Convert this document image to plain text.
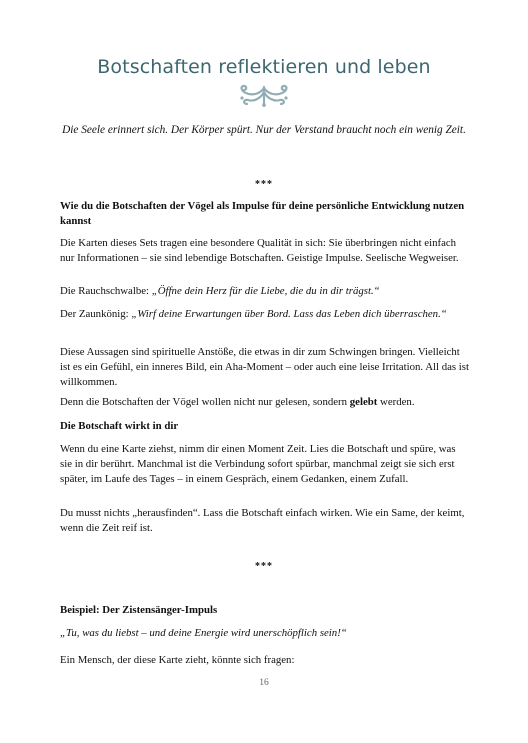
Botschaften reflektieren und leben
Die Seele erinnert sich. Der Körper spürt. Nur der Verstand braucht noch ein wenig Zeit.
***

Wie du die Botschaften der Vögel als Impulse für deine persönliche Entwicklung nutzen kannst

Die Karten dieses Sets tragen eine besondere Qualität in sich: Sie überbringen nicht einfach nur Informationen – sie sind lebendige Botschaften. Geistige Impulse. Seelische Wegweiser.

Die Rauchschwalbe: „Öffne dein Herz für die Liebe, die du in dir trägst.“

Der Zaunkönig: „Wirf deine Erwartungen über Bord. Lass das Leben dich überraschen.“

Diese Aussagen sind spirituelle Anstöße, die etwas in dir zum Schwingen bringen. Vielleicht ist es ein Gefühl, ein inneres Bild, ein Aha-Moment – oder auch eine leise Irritation. All das ist willkommen.

Denn die Botschaften der Vögel wollen nicht nur gelesen, sondern gelebt werden.

Die Botschaft wirkt in dir

Wenn du eine Karte ziehst, nimm dir einen Moment Zeit. Lies die Botschaft und spüre, was sie in dir berührt. Manchmal ist die Verbindung sofort spürbar, manchmal zeigt sie sich erst später, im Laufe des Tages – in einem Gespräch, einem Gedanken, einem Zufall.

Du musst nichts „herausfinden“. Lass die Botschaft einfach wirken. Wie ein Same, der keimt, wenn die Zeit reif ist.

***

Beispiel: Der Zistensänger-Impuls

„Tu, was du liebst – und deine Energie wird unerschöpflich sein!“

Ein Mensch, der diese Karte zieht, könnte sich fragen:

16
